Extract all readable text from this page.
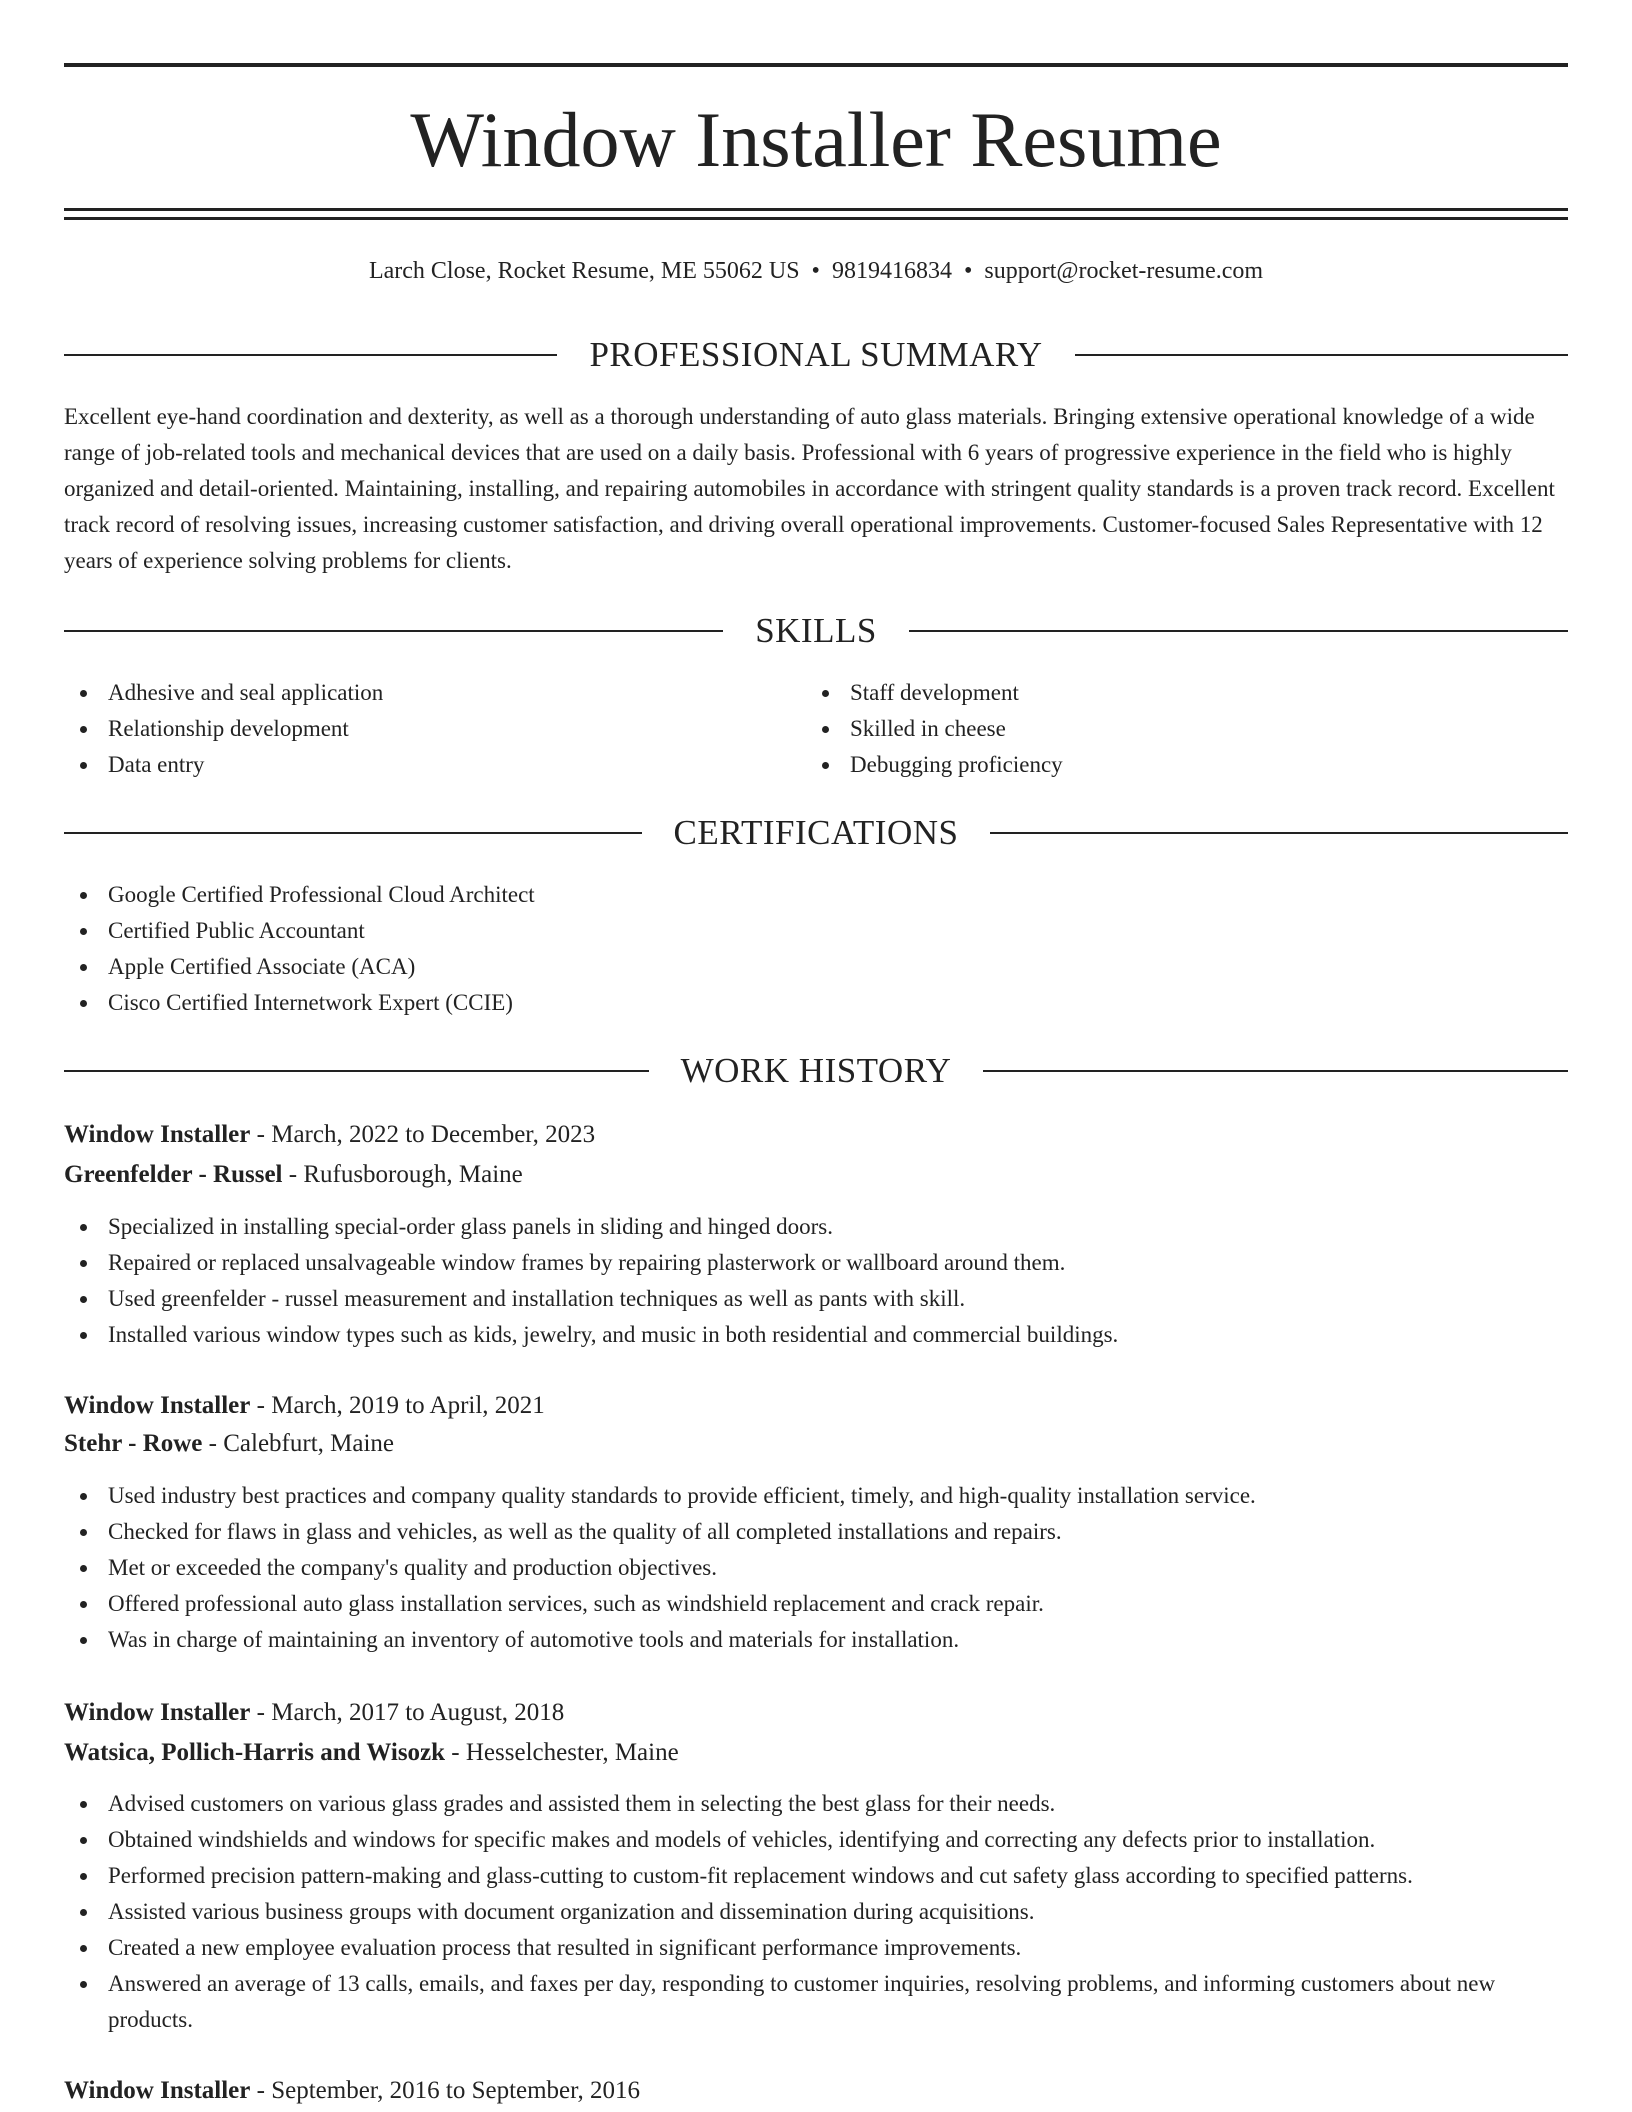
Window Installer Resume
Larch Close, Rocket Resume, ME 55062 US • 9819416834 • support@rocket-resume.com
PROFESSIONAL SUMMARY

Excellent eye-hand coordination and dexterity, as well as a thorough understanding of auto glass materials. Bringing extensive operational knowledge of a wide range of job-related tools and mechanical devices that are used on a daily basis. Professional with 6 years of progressive experience in the field who is highly organized and detail-oriented. Maintaining, installing, and repairing automobiles in accordance with stringent quality standards is a proven track record. Excellent track record of resolving issues, increasing customer satisfaction, and driving overall operational improvements. Customer-focused Sales Representative with 12 years of experience solving problems for clients.

SKILLS
Adhesive and seal application
Relationship development
Data entry
Staff development
Skilled in cheese
Debugging proficiency
CERTIFICATIONS
Google Certified Professional Cloud Architect
Certified Public Accountant
Apple Certified Associate (ACA)
Cisco Certified Internetwork Expert (CCIE)
WORK HISTORY
Window Installer - March, 2022 to December, 2023
Greenfelder - Russel - Rufusborough, Maine
Specialized in installing special-order glass panels in sliding and hinged doors.
Repaired or replaced unsalvageable window frames by repairing plasterwork or wallboard around them.
Used greenfelder - russel measurement and installation techniques as well as pants with skill.
Installed various window types such as kids, jewelry, and music in both residential and commercial buildings.
Window Installer - March, 2019 to April, 2021
Stehr - Rowe - Calebfurt, Maine
Used industry best practices and company quality standards to provide efficient, timely, and high-quality installation service.
Checked for flaws in glass and vehicles, as well as the quality of all completed installations and repairs.
Met or exceeded the company's quality and production objectives.
Offered professional auto glass installation services, such as windshield replacement and crack repair.
Was in charge of maintaining an inventory of automotive tools and materials for installation.
Window Installer - March, 2017 to August, 2018
Watsica, Pollich-Harris and Wisozk - Hesselchester, Maine
Advised customers on various glass grades and assisted them in selecting the best glass for their needs.
Obtained windshields and windows for specific makes and models of vehicles, identifying and correcting any defects prior to installation.
Performed precision pattern-making and glass-cutting to custom-fit replacement windows and cut safety glass according to specified patterns.
Assisted various business groups with document organization and dissemination during acquisitions.
Created a new employee evaluation process that resulted in significant performance improvements.
Answered an average of 13 calls, emails, and faxes per day, responding to customer inquiries, resolving problems, and informing customers about new products.
Window Installer - September, 2016 to September, 2016
